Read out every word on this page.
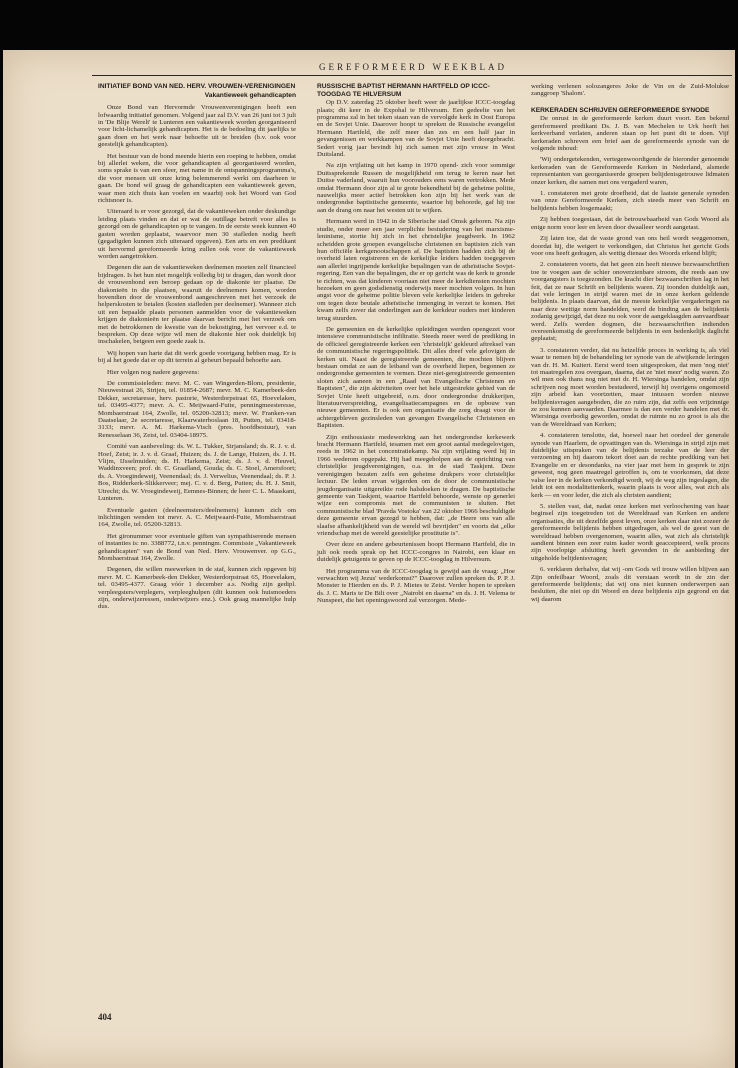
GEREFORMEERD WEEKBLAD
INITIATIEF BOND VAN NED. HERV. VROUWEN-VERENIGINGEN
Vakantieweek gehandicapten

Onze Bond van Hervormde Vrouwenverenigingen heeft een lofwaardig initiatief genomen. Volgend jaar zal D.V. van 26 juni tot 3 juli in 'De Blije Werelt' te Lunteren een vakantieweek worden georganiseerd voor licht-lichamelijk gehandicapten. Het is de bedoeling dit jaarlijks te gaan doen en het werk naar behoefte uit te breiden (b.v. ook voor geestelijk gehandicapten).

Het bestuur van de bond meende hierin een roeping te hebben, omdat bij allerlei weken, die voor gehandicapten al georganiseerd worden, soms sprake is van een sfeer, met name in de ontspanningsprogramma's, die voor mensen uit onze kring belemmerend werkt om daarheen te gaan. De bond wil graag de gehandicapten een vakantieweek geven, waar men zich thuis kan voelen en waarbij ook het Woord van God richtsnoer is.

Uiteraard is er voor gezorgd, dat de vakantieweken onder deskundige leiding plaats vinden en dat er wat de outillage betreft voor alles is gezorgd om de gehandicapten op te vangen. In de eerste week kunnen 40 gasten worden geplaatst, waarvoor men 30 stafleden nodig heeft (gegadigden kunnen zich uiteraard opgeven). Een arts en een predikant uit hervormd gereformeerde kring zullen ook voor de vakantieweek worden aangetrokken.

Degenen die aan de vakantieweken deelnemen moeten zelf financieel bijdragen. Is het hun niet mogelijk volledig bij te dragen, dan wordt door de vrouwenbond een beroep gedaan op de diakonie ter plaatse. De diakonieën in die plaatsen, waaruit de deelnemers komen, worden bovendien door de vrouwenbond aangeschreven met het verzoek de helperskosten te betalen (kosten stafleden per deelnemer). Wanneer zich uit een bepaalde plaats personen aanmelden voor de vakantieweken krijgen de diakonieën ter plaatse daarvan bericht met het verzoek om met de betrokkenen de kwestie van de bekostiging, het vervoer e.d. te bespreken. Op deze wijze wil men de diakonie hier ook duidelijk bij inschakelen, betgeen een goede zaak is.

Wij hopen van harte dat dit werk goede voortgang hebben mag. Er is bij al het goede dat er op dit terrein al gebeurt bepaald behoefte aan.

Hier volgen nog nadere gegevens:

De commissieleden: mevr. M. C. van Wingerden-Blom, presidente, Nieuwestraat 26, Strijen, tel. 01854-2687; mevr. M. C. Kamerbeek-den Dekker, secretaresse, herv. pastorie, Westerdorpstraat 65, Hoevelaken, tel. 03495-4377; mevr. A. C. Meijwaard-Fuite, penningmeesteresse, Mombaerstraat 164, Zwolle, tel. 05200-32813; mevr. W. Franken-van Daatselaar, 2e secretaresse, Klaarwaterboslaan 18, Putten, tel. 03418-3133; mevr. A. M. Harkema-Visch (pres. hoofdbestuur), van Renesselaan 36, Zeist, tel. 03404-18975.

Comité van aanbeveling: ds. W. L. Tukker, Sirjansland; ds. R. J. v. d. Hoef, Zeist; ir. J. v. d. Graaf, Huizen; ds. J. de Lange, Huizen, ds. J. H. Vlijm, IJsselmuiden; ds. H. Harkema, Zeist; ds. J. v. d. Heuvel, Waddinxveen; prof. dr. C. Graafland, Gouda; ds. C. Stoel, Amersfoort; ds. A. Vroegindeweij, Veenendaal; ds. J. Verwelius, Veenendaal; ds. P. J. Bos, Ridderkerk-Slikkerveer; mej. C. v. d. Berg, Putten; ds. H. J. Smit, Utrecht; ds. W. Vroegindeweij, Eemnes-Binnen; de heer C. L. Maaskant, Lunteren.

Eventuele gasten (deelneemsters/deelnemers) kunnen zich om inlichtingen wenden tot mevr. A. C. Meijwaard-Fuite, Mombaerstraat 164, Zwolle, tel. 05200-32813.

Het gironummer voor eventuele giften van sympathiserende mensen of instanties is: no. 3388772, t.n.v. penningm. Commissie „Vakantieweek gehandicapten" van de Bond van Ned. Herv. Vrouwenver. op G.G., Mombaerstraat 164, Zwolle.

Degenen, die willen meewerken in de staf, kunnen zich opgeven bij mevr. M. C. Kamerbeek-den Dekker, Westerdorpstraat 65, Hoevelaken, tel. 03495-4377. Graag vóór 1 december a.s. Nodig zijn gedipl. verpleegsters/verplegers, verpleeghulpen (dit kunnen ook huismoeders zijn, onderwijzeressen, onderwijzers enz.). Ook graag mannelijke hulp dus.

RUSSISCHE BAPTIST HERMANN HARTFELD OP ICCC-TOOGDAG TE HILVERSUM

Op D.V. zaterdag 25 oktober heeft weer de jaarlijkse ICCC-toogdag plaats; dit keer in de Expohal te Hilversum. Een gedeelte van het programma zal in het teken staan van de vervolgde kerk in Oost Europa en de Sovjet Unie. Daarover hoopt te spreken de Russische evangelist Hermann Hartfeld, die zelf meer dan zes en een half jaar in gevangenissen en werkkampen van de Sovjet Unie heeft doorgebracht. Sedert vorig jaar bevindt hij zich samen met zijn vrouw in West Duitsland.

Na zijn vrijlating uit het kamp in 1970 opend- zich voor sommige Duitssprekende Russen de mogelijkheid om terug te keren naar het Duitse vaderland, waaruit hun voorouders eens waren vertrokken. Mede omdat Hermann door zijn al te grote bekendheid bij de geheime politie, nauwelijks meer actief betrokken kon zijn bij het werk van de ondergrondse baptistische gemeente, waartoe hij behoorde, gaf hij toe aan de drang om naar het westen uit te wijken.

Hermann werd in 1942 in de Siberische stad Omsk geboren. Na zijn studie, onder meer een jaar verplichte bestudering van het marxisme-leninisme, stortte hij zich in het christelijke jeugdwerk. In 1962 scheidden grote groepen evangelische christenen en baptisten zich van hun officiële kerkgenootschappen af. De baptisten hadden zich bij de overheid laten registreren en de kerkelijke leiders hadden toegegeven aan allerlei ingrijpende kerkelijke bepalingen van de atheïstische Sovjet-regering. Een van die bepalingen, die er op gericht was de kerk te gronde te richten, was dat kinderen voortaan niet meer de kerkdiensten mochten bezoeken en geen godsdienstig onderwijs meer mochten volgen. In hun angst voor de geheime politie bleven vele kerkelijke leiders in gebreke om tegen deze beutale atheïstische inmenging in verzet te komen. Het kwam zelfs zover dat onderlingen aan de kerkdeur ouders met kinderen terug stuurden.

De gemeenten en de kerkelijke opleidingen werden opengezet voor intensieve communistische infiltratie. Steeds meer werd de prediking in de officieel geregistreerde kerken een 'christelijk' gekleurd aftreksel van de communistische regeringspolitiek. Dit alles dreef vele gelovigen de kerken uit. Naast de geregistreerde gemeenten, die mochten blijven bestaan omdat ze aan de leiband van de overheid liepen, begonnen ze ondergrondse gemeenten te vormen. Deze niet-geregistreerde gemeenten sloten zich aaneen in een „Raad van Evangelische Christenen en Baptisten", die zijn aktiviteiten over het hele uitgestrekte gebied van de Sovjet Unie heeft uitgebreid, o.m. door ondergrondse drukkerijen, literatuurverspreiding, evangelisatiecampagnes en de opbouw van nieuwe gemeenten. Er is ook een organisatie die zorg draagt voor de achtergebleven gezinsleden van gevangen Evangelische Christenen en Baptisten.

Zijn enthousiaste medewerking aan het ondergrondse kerkewerk bracht Hermann Hartfeld, tesamen met een groot aantal medegelovigen, reeds in 1962 in het concentratiekamp. Na zijn vrijlating werd hij in 1966 wederom opgepakt. Hij had meegeholpen aan de oprichting van christelijke jeugdverenigingen, o.a. in de stad Taskjent. Deze verenigingen bezaten zelfs een geheime drukpers voor christelijke lectuur. De leden ervan wijgerden om de door de communistische jeugdorganisatie uitgereikte rode halsdoeken te dragen. De baptistische gemeente van Taskjent, waartoe Hartfeld behoorde, wenste op generlei wijze een compromis met de communisten te sluiten. Het communistische blad 'Pravda Vostoka' van 22 oktober 1966 beschuldigde deze gemeente ervan gezegd te hebben, dat: „de Heere ons van alle slaafse afhankelijkheid van de wereld wil bevrijden" en voorts dat „elke vriendschap met de wereld geestelijke prostitutie is".

Over deze en andere gebeurtenissen hoopt Hermann Hartfeld, die in juli ook reeds sprak op het ICCC-congres in Nairobi, een klaar en duidelijk getuigenis te geven op de ICCC-toogdag in Hilversum.

Het programma van de ICCC-toogdag is gewijd aan de vraag: „Hoe verwachten wij Jezus' wederkomst?" Daarover zullen spreken ds. P. P. J. Monster te Hierden en ds. P. J. Mietes te Zeist. Verder hopen te spreken ds. J. C. Maris te De Bilt over „Nairobi en daarna" en ds. J. H. Velema te Nunspeet, die het openingswoord zal verzorgen. Mede-

werking verlenen solozangeres Joke de Vin en de Zuid-Molukse zanggroep 'Shalom'.

KERKERADEN SCHRIJVEN GEREFORMEERDE SYNODE

De onrust in de gereformeerde kerken duurt voort. Een bekend gereformeerd predikant Ds. J. B. van Mechelen te Urk heeft het kerkverband verlaten, anderen staan op het punt dit te doen. Vijf kerkeraden schreven een brief aan de gereformeerde synode van de volgende inhoud:

'Wij ondergetekenden, vertegenwoordigende de hieronder genoemde kerkeraden van de Gereformeerde Kerken in Nederland, alsmede representanten van georganiseerde groepen belijdenisgetrouwe lidmaten onzer kerken, die samen met ons vergaderd waren,

1. constateren met grote droefheid, dat de laatste generale synoden van onze Gereformeerde Kerken, zich steeds meer van Schrift en belijdenis hebben losgemaakt;

Zij hebben toegestaan, dat de betrouwbaarheid van Gods Woord als enige norm voor leer en leven door dwaalleer wordt aangetast.

Zij laten toe, dat de vaste grond van ons heil wordt weggenomen, doordat hij, die weigert te verkondigen, dat Christus het gericht Gods voor ons heeft gedragen, als wettig dienaar des Woords erkend blijft;

2. constateren voorts, dat het geen zin heeft nieuwe bezwaarschriften toe te voegen aan de schier onoverzienbare stroom, die reeds aan uw voorgangsters is toegezonden. De kracht dier bezwaarschriften lag in het feit, dat ze naar Schrift en belijdenis waren. Zij toonden duidelijk aan, dat vele leringen in strijd waren met de in onze kerken geldende belijdenis. In plaats daarvan, dat de meeste kerkelijke vergaderingen na naar deze wettige norm handelden, werd de binding aan de belijdenis zodanig gewijzigd, dat deze nu ook voor de aangeklaagden aanvaardbaar werd. Zelfs werden dogmen, die bezwaarschriften indienden overeenkomstig de gereformeerde belijdenis in een bedenkelijk daglicht geplaatst;

3. constateren verder, dat nu hetzelfde proces in werking is, als vïel waar te nemen bij de behandeling ter synode van de afwijkende leringen van dr. H. M. Kuitert. Eerst werd toen uitgesproken, dat men 'nog niet' tot maatregelen zou overgaan, daarna, dat ze 'niet meer' nodig waren. Zo wil men ook thans nog niet met dr. H. Wiersinga handelen, omdat zijn schrijven nog moet worden bestudeerd, terwijl hij overigens ongemoeid zijn arbeid kan voortzetten, maar intussen worden nieuwe belijdenisvragen aangeboden, die zo ruim zijn, dat zelfs een vrijzinnige ze zou kunnen aanvaarden. Daarmee is dan een verder handelen met dr. Wiersinga overbodig geworden, omdat de ruimte nu zo groot is als die van de Wereldraad van Kerken;

4. constateren tenslotte, dat, hoewel naar het oordeel der generale synode van Haarlem, de opvattingen van ds. Wiersinga in strijd zijn met duidelijke uitspraken van de belijdenis terzake van de leer der verzoening en hij daarom tekort doet aan de rechte prediking van het Evangelie en er desondanks, na vier jaar met hem in gesprek te zijn geweest, nog geen maatregel getroffen is, om te voorkomen, dat deze valse leer in de kerken verkondigd wordt, wij de weg zijn ingeslagen, die leidt tot een modaliteitenkerk, waarin plaats is voor alles, wat zich als kerk — en voor leder, die zich als christen aandient;

5. stellen vast, dat, nadat onze kerken met verloochening van haar beginsel zijn toegetreden tot de Wereldraad van Kerken en andere organisaties, die uit dezelfde geest leven, onze kerken daar niet zozeer de gereformeerde belijdenis hebben uitgedragen, als wel de geest van de wereldraad hebben overgenomen, waarin alles, wat zich als christelijk aandient binnen een zeer ruim kader wordt geaccepteerd, welk proces zijn voorlopige afsluiting heeft gevonden in de aanbieding der uitgeholde belijdenisvragen;

6. verklaren derhalve, dat wij -om Gods wil trouw willen blijven aan Zijn onfeilbaar Woord, zoals dit verstaan wordt in de zin der gereformeerde belijdenis; dat wij ons niet kunnen onderwerpen aan besluiten, die niet op dit Woord en deze belijdenis zijn gegrond en dat wij daarom

404
